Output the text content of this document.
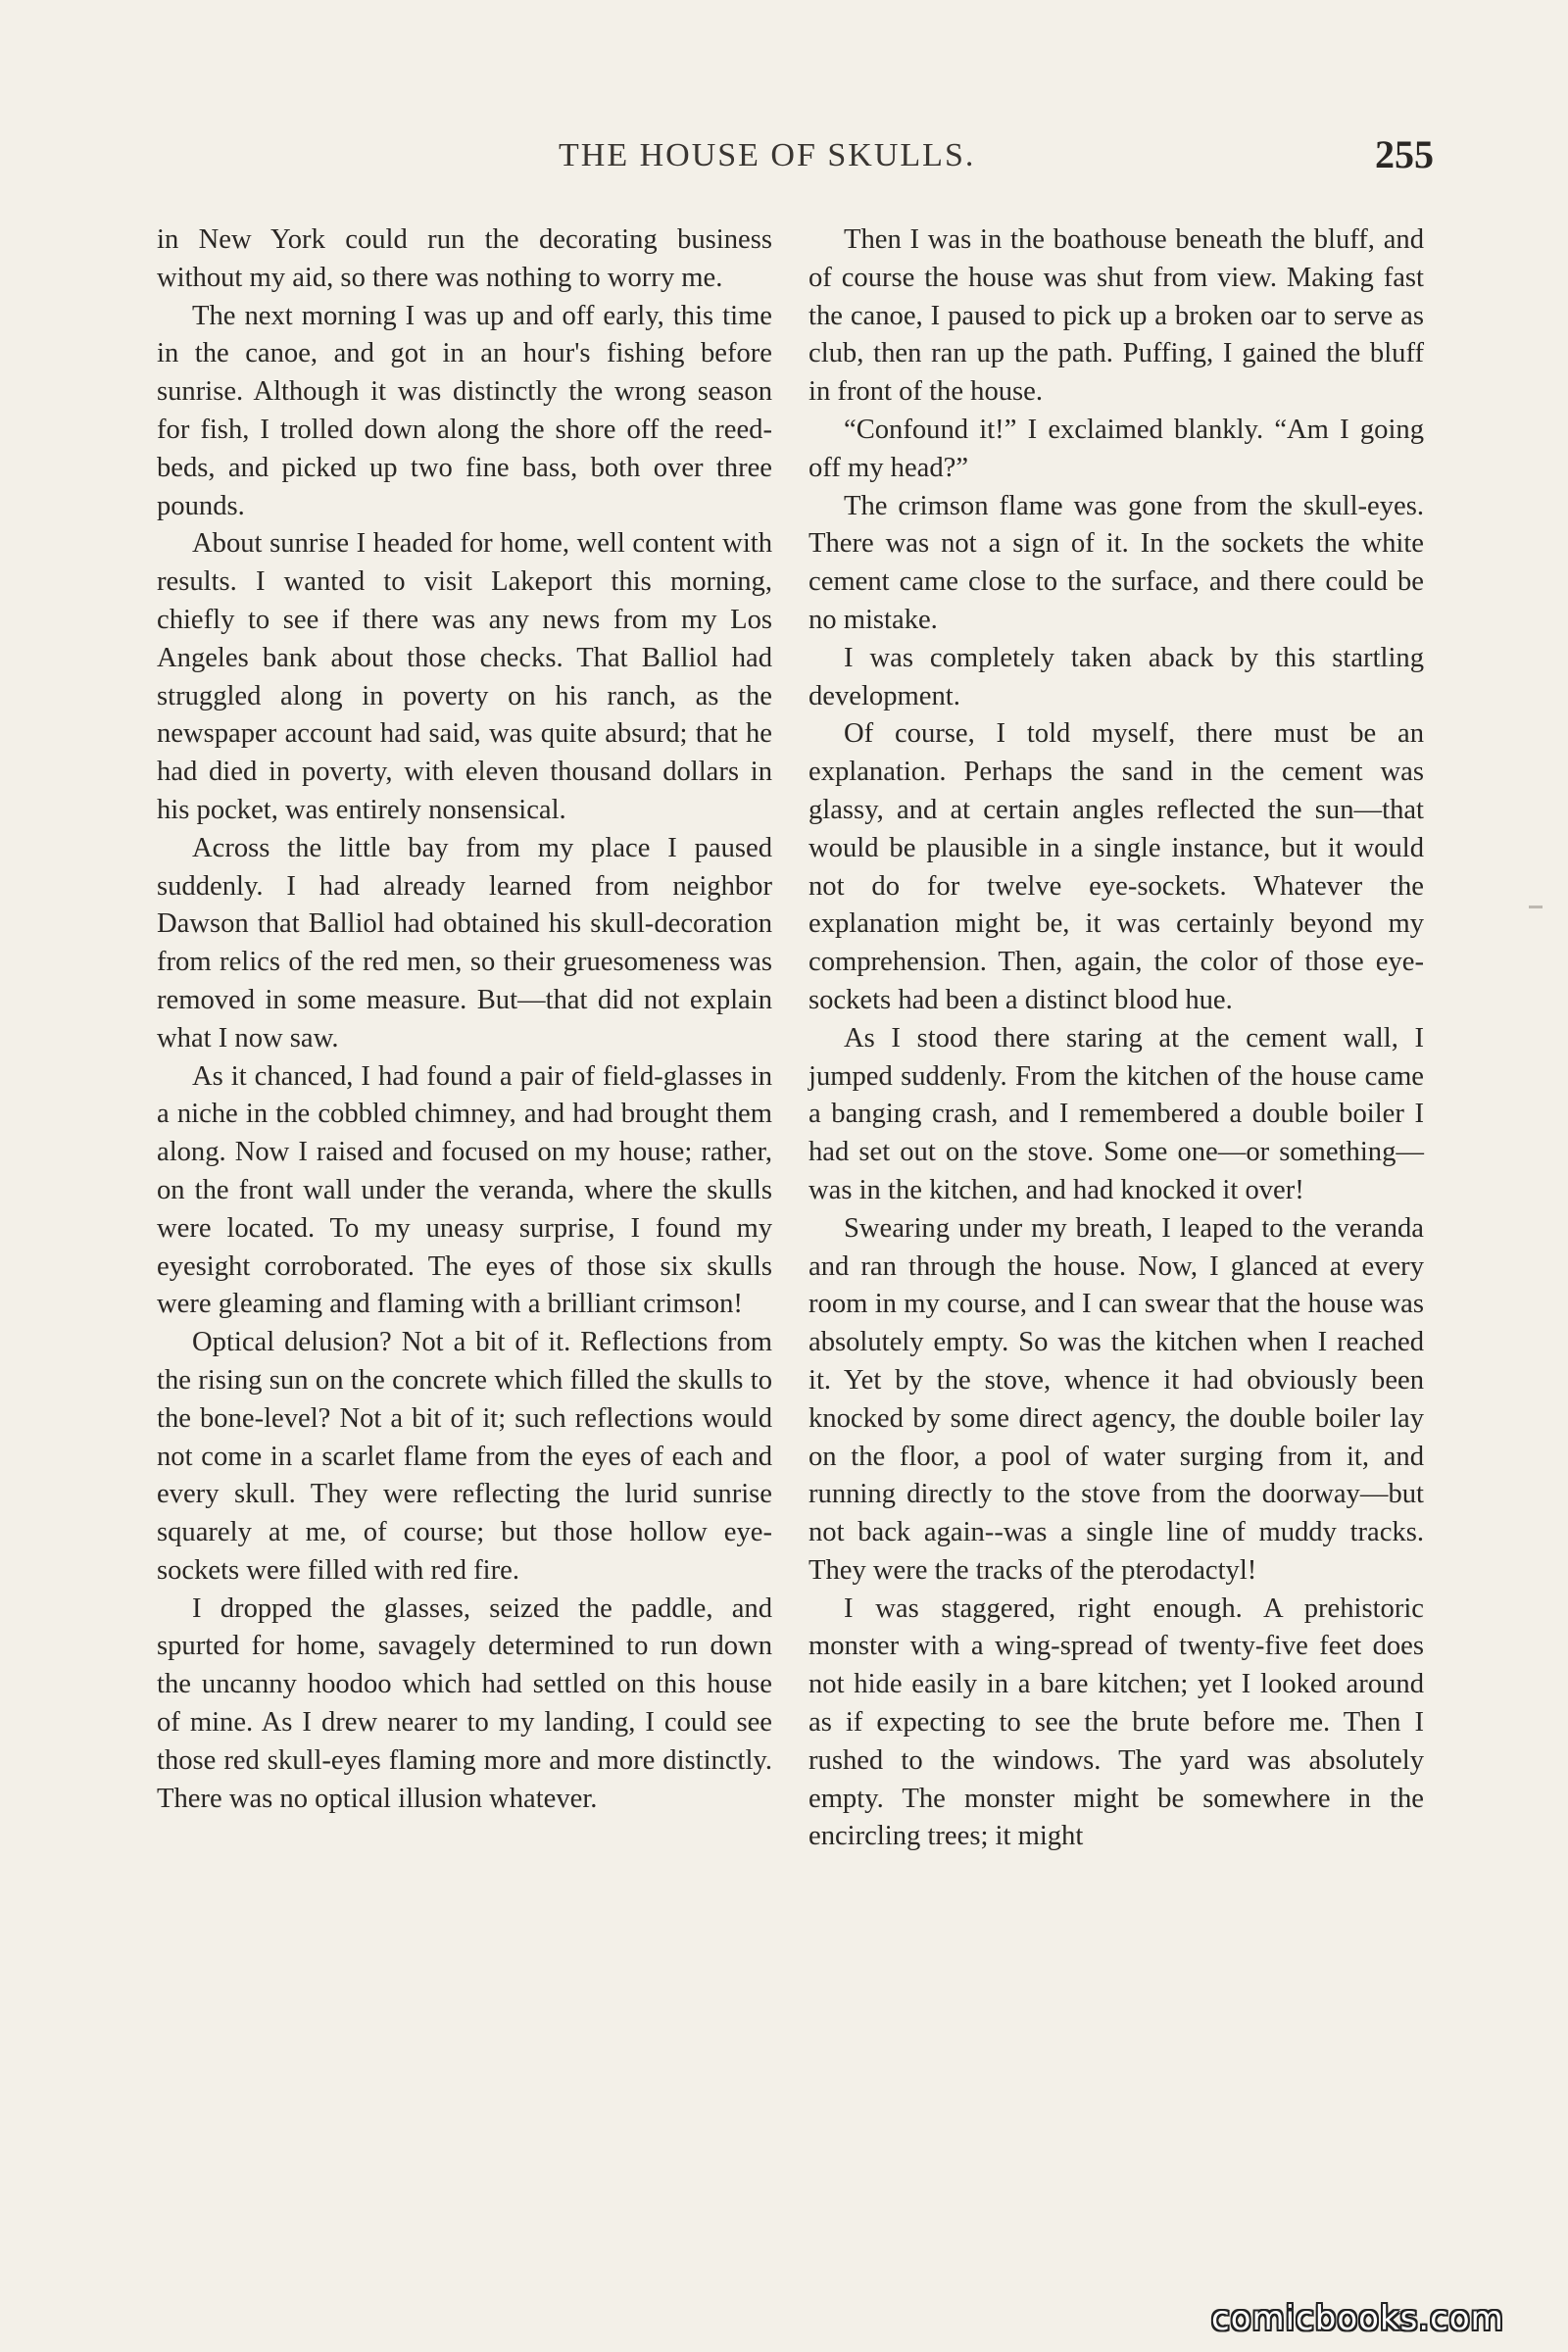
THE HOUSE OF SKULLS.	255

in New York could run the decorating business without my aid, so there was nothing to worry me.

The next morning I was up and off early, this time in the canoe, and got in an hour's fishing before sunrise. Although it was distinctly the wrong season for fish, I trolled down along the shore off the reed-beds, and picked up two fine bass, both over three pounds.

About sunrise I headed for home, well content with results. I wanted to visit Lakeport this morning, chiefly to see if there was any news from my Los Angeles bank about those checks. That Balliol had struggled along in poverty on his ranch, as the newspaper account had said, was quite absurd; that he had died in poverty, with eleven thousand dollars in his pocket, was entirely nonsensical.

Across the little bay from my place I paused suddenly. I had already learned from neighbor Dawson that Balliol had obtained his skull-decoration from relics of the red men, so their gruesomeness was removed in some measure. But—that did not explain what I now saw.

As it chanced, I had found a pair of field-glasses in a niche in the cobbled chimney, and had brought them along. Now I raised and focused on my house; rather, on the front wall under the veranda, where the skulls were located. To my uneasy surprise, I found my eyesight corroborated. The eyes of those six skulls were gleaming and flaming with a brilliant crimson!

Optical delusion? Not a bit of it. Reflections from the rising sun on the concrete which filled the skulls to the bone-level? Not a bit of it; such reflections would not come in a scarlet flame from the eyes of each and every skull. They were reflecting the lurid sunrise squarely at me, of course; but those hollow eye-sockets were filled with red fire.

I dropped the glasses, seized the paddle, and spurted for home, savagely determined to run down the uncanny hoodoo which had settled on this house of mine. As I drew nearer to my landing, I could see those red skull-eyes flaming more and more distinctly. There was no optical illusion whatever.

Then I was in the boathouse beneath the bluff, and of course the house was shut from view. Making fast the canoe, I paused to pick up a broken oar to serve as club, then ran up the path. Puffing, I gained the bluff in front of the house.

“Confound it!” I exclaimed blankly. “Am I going off my head?”

The crimson flame was gone from the skull-eyes. There was not a sign of it. In the sockets the white cement came close to the surface, and there could be no mistake.

I was completely taken aback by this startling development.

Of course, I told myself, there must be an explanation. Perhaps the sand in the cement was glassy, and at certain angles reflected the sun—that would be plausible in a single instance, but it would not do for twelve eye-sockets. Whatever the explanation might be, it was certainly beyond my comprehension. Then, again, the color of those eye-sockets had been a distinct blood hue.

As I stood there staring at the cement wall, I jumped suddenly. From the kitchen of the house came a banging crash, and I remembered a double boiler I had set out on the stove. Some one—or something—was in the kitchen, and had knocked it over!

Swearing under my breath, I leaped to the veranda and ran through the house. Now, I glanced at every room in my course, and I can swear that the house was absolutely empty. So was the kitchen when I reached it. Yet by the stove, whence it had obviously been knocked by some direct agency, the double boiler lay on the floor, a pool of water surging from it, and running directly to the stove from the doorway—but not back again--was a single line of muddy tracks. They were the tracks of the pterodactyl!

I was staggered, right enough. A prehistoric monster with a wing-spread of twenty-five feet does not hide easily in a bare kitchen; yet I looked around as if expecting to see the brute before me. Then I rushed to the windows. The yard was absolutely empty. The monster might be somewhere in the encircling trees; it might

comicbooks.com
